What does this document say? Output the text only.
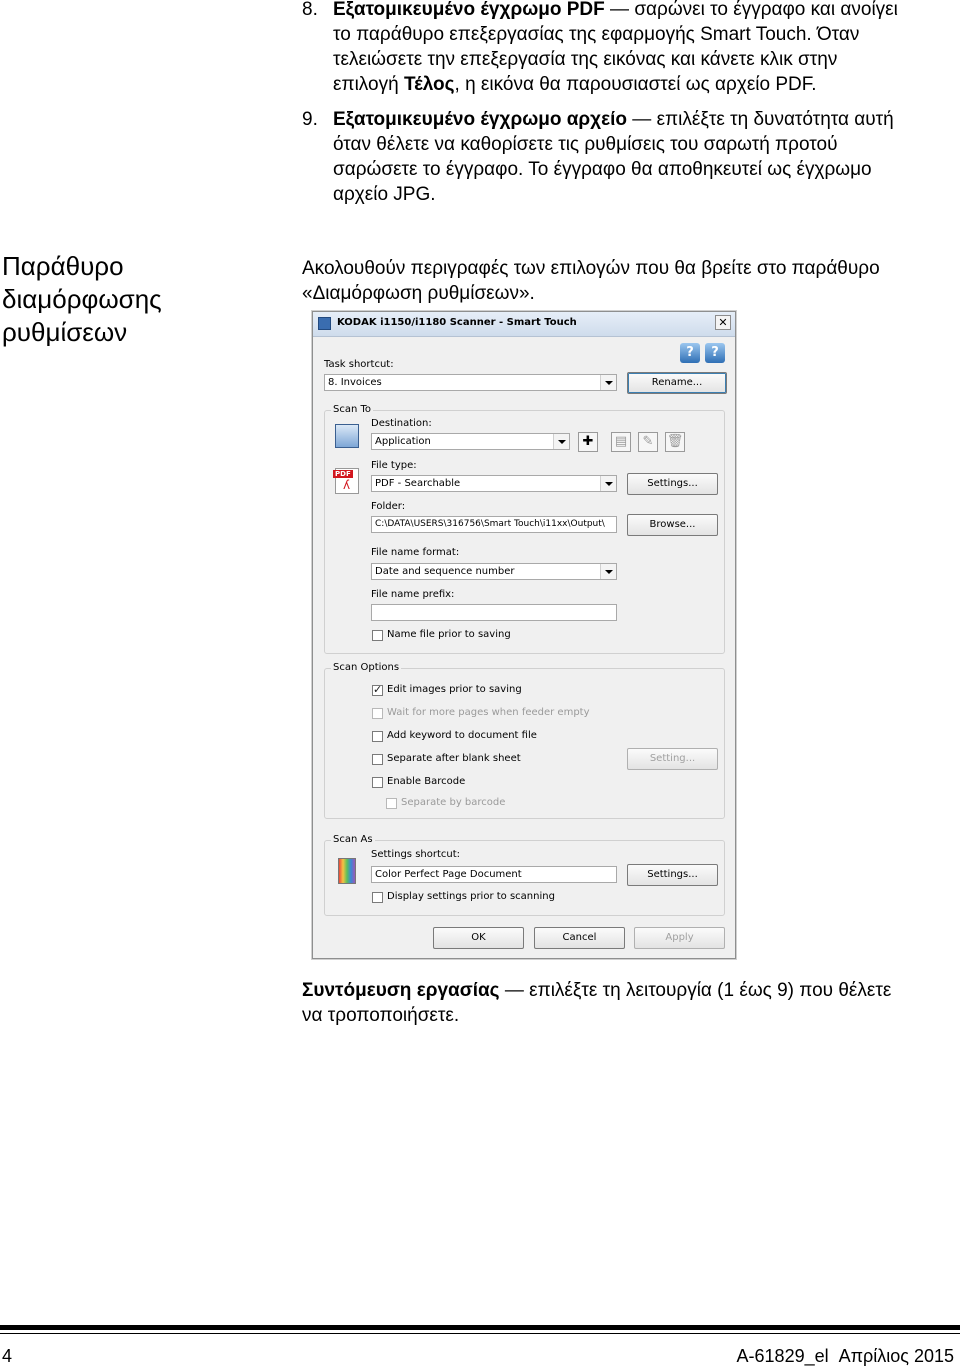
8. Εξατομικευμένο έγχρωμο PDF — σαρώνει το έγγραφο και ανοίγει
το παράθυρο επεξεργασίας της εφαρμογής Smart Touch. Όταν
τελειώσετε την επεξεργασία της εικόνας και κάνετε κλικ στην
επιλογή Τέλος, η εικόνα θα παρουσιαστεί ως αρχείο PDF.
9. Εξατομικευμένο έγχρωμο αρχείο — επιλέξτε τη δυνατότητα αυτή
όταν θέλετε να καθορίσετε τις ρυθμίσεις του σαρωτή προτού
σαρώσετε το έγγραφο. Το έγγραφο θα αποθηκευτεί ως έγχρωμο
αρχείο JPG.
Παράθυρο
διαμόρφωσης
ρυθμίσεων
Ακολουθούν περιγραφές των επιλογών που θα βρείτε στο παράθυρο
«Διαμόρφωση ρυθμίσεων».
KODAK i1150/i1180 Scanner - Smart Touch	✕
?	?
Task shortcut:
8. Invoices	Rename...
Scan To
Destination:
Application	✚	▤	✎	🗑
PDF
ʎ
File type:
PDF - Searchable	Settings...
Folder:
C:\DATA\USERS\316756\Smart Touch\i11xx\Output\	Browse...
File name format:
Date and sequence number
File name prefix:
Name file prior to saving
Scan Options
✓
Edit images prior to saving
Wait for more pages when feeder empty
Add keyword to document file
Separate after blank sheet	Setting...
Enable Barcode
Separate by barcode
Scan As
Settings shortcut:
Color Perfect Page Document	Settings...
Display settings prior to scanning
OK	Cancel	Apply
Συντόμευση εργασίας — επιλέξτε τη λειτουργία (1 έως 9) που θέλετε
να τροποποιήσετε.
4	A-61829_el  Απρίλιος 2015
